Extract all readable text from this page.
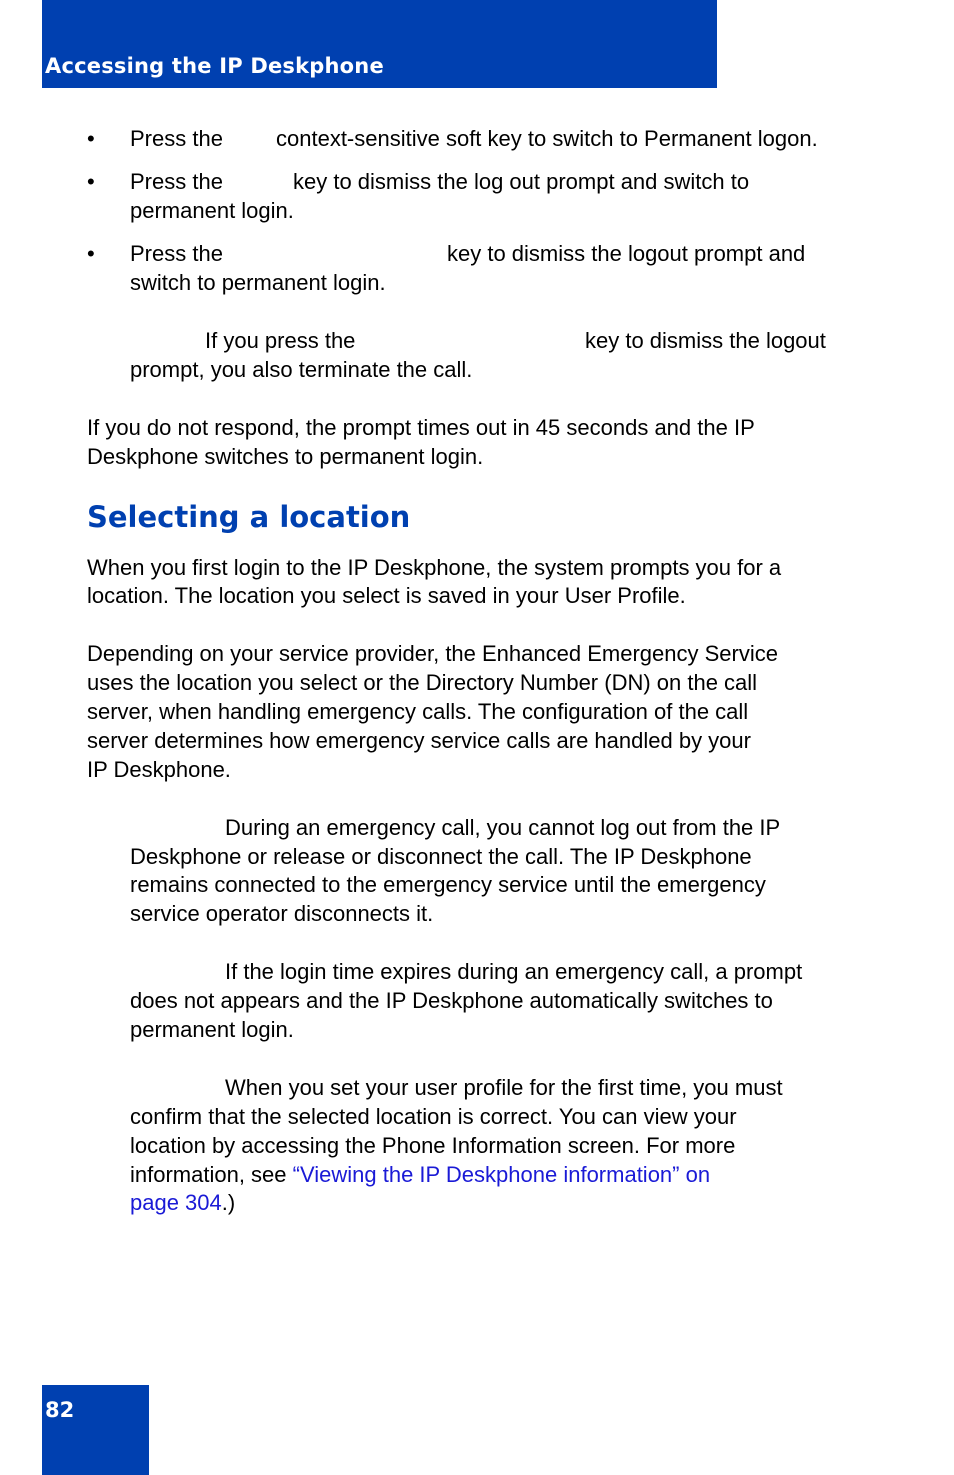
Accessing the IP Deskphone
• Press the context-sensitive soft key to switch to Permanent logon.
• Press the	key to dismiss the log out prompt and switch to
permanent login.
• Press the	key to dismiss the logout prompt and
switch to permanent login.
If you press the	key to dismiss the logout
prompt, you also terminate the call.
If you do not respond, the prompt times out in 45 seconds and the IP
Deskphone switches to permanent login.
Selecting a location
When you first login to the IP Deskphone, the system prompts you for a
location. The location you select is saved in your User Profile.
Depending on your service provider, the Enhanced Emergency Service
uses the location you select or the Directory Number (DN) on the call
server, when handling emergency calls. The configuration of the call
server determines how emergency service calls are handled by your
IP Deskphone.
During an emergency call, you cannot log out from the IP
Deskphone or release or disconnect the call. The IP Deskphone
remains connected to the emergency service until the emergency
service operator disconnects it.
If the login time expires during an emergency call, a prompt
does not appears and the IP Deskphone automatically switches to
permanent login.
When you set your user profile for the first time, you must
confirm that the selected location is correct. You can view your
location by accessing the Phone Information screen. For more
information, see “Viewing the IP Deskphone information” on
page 304.)
82
